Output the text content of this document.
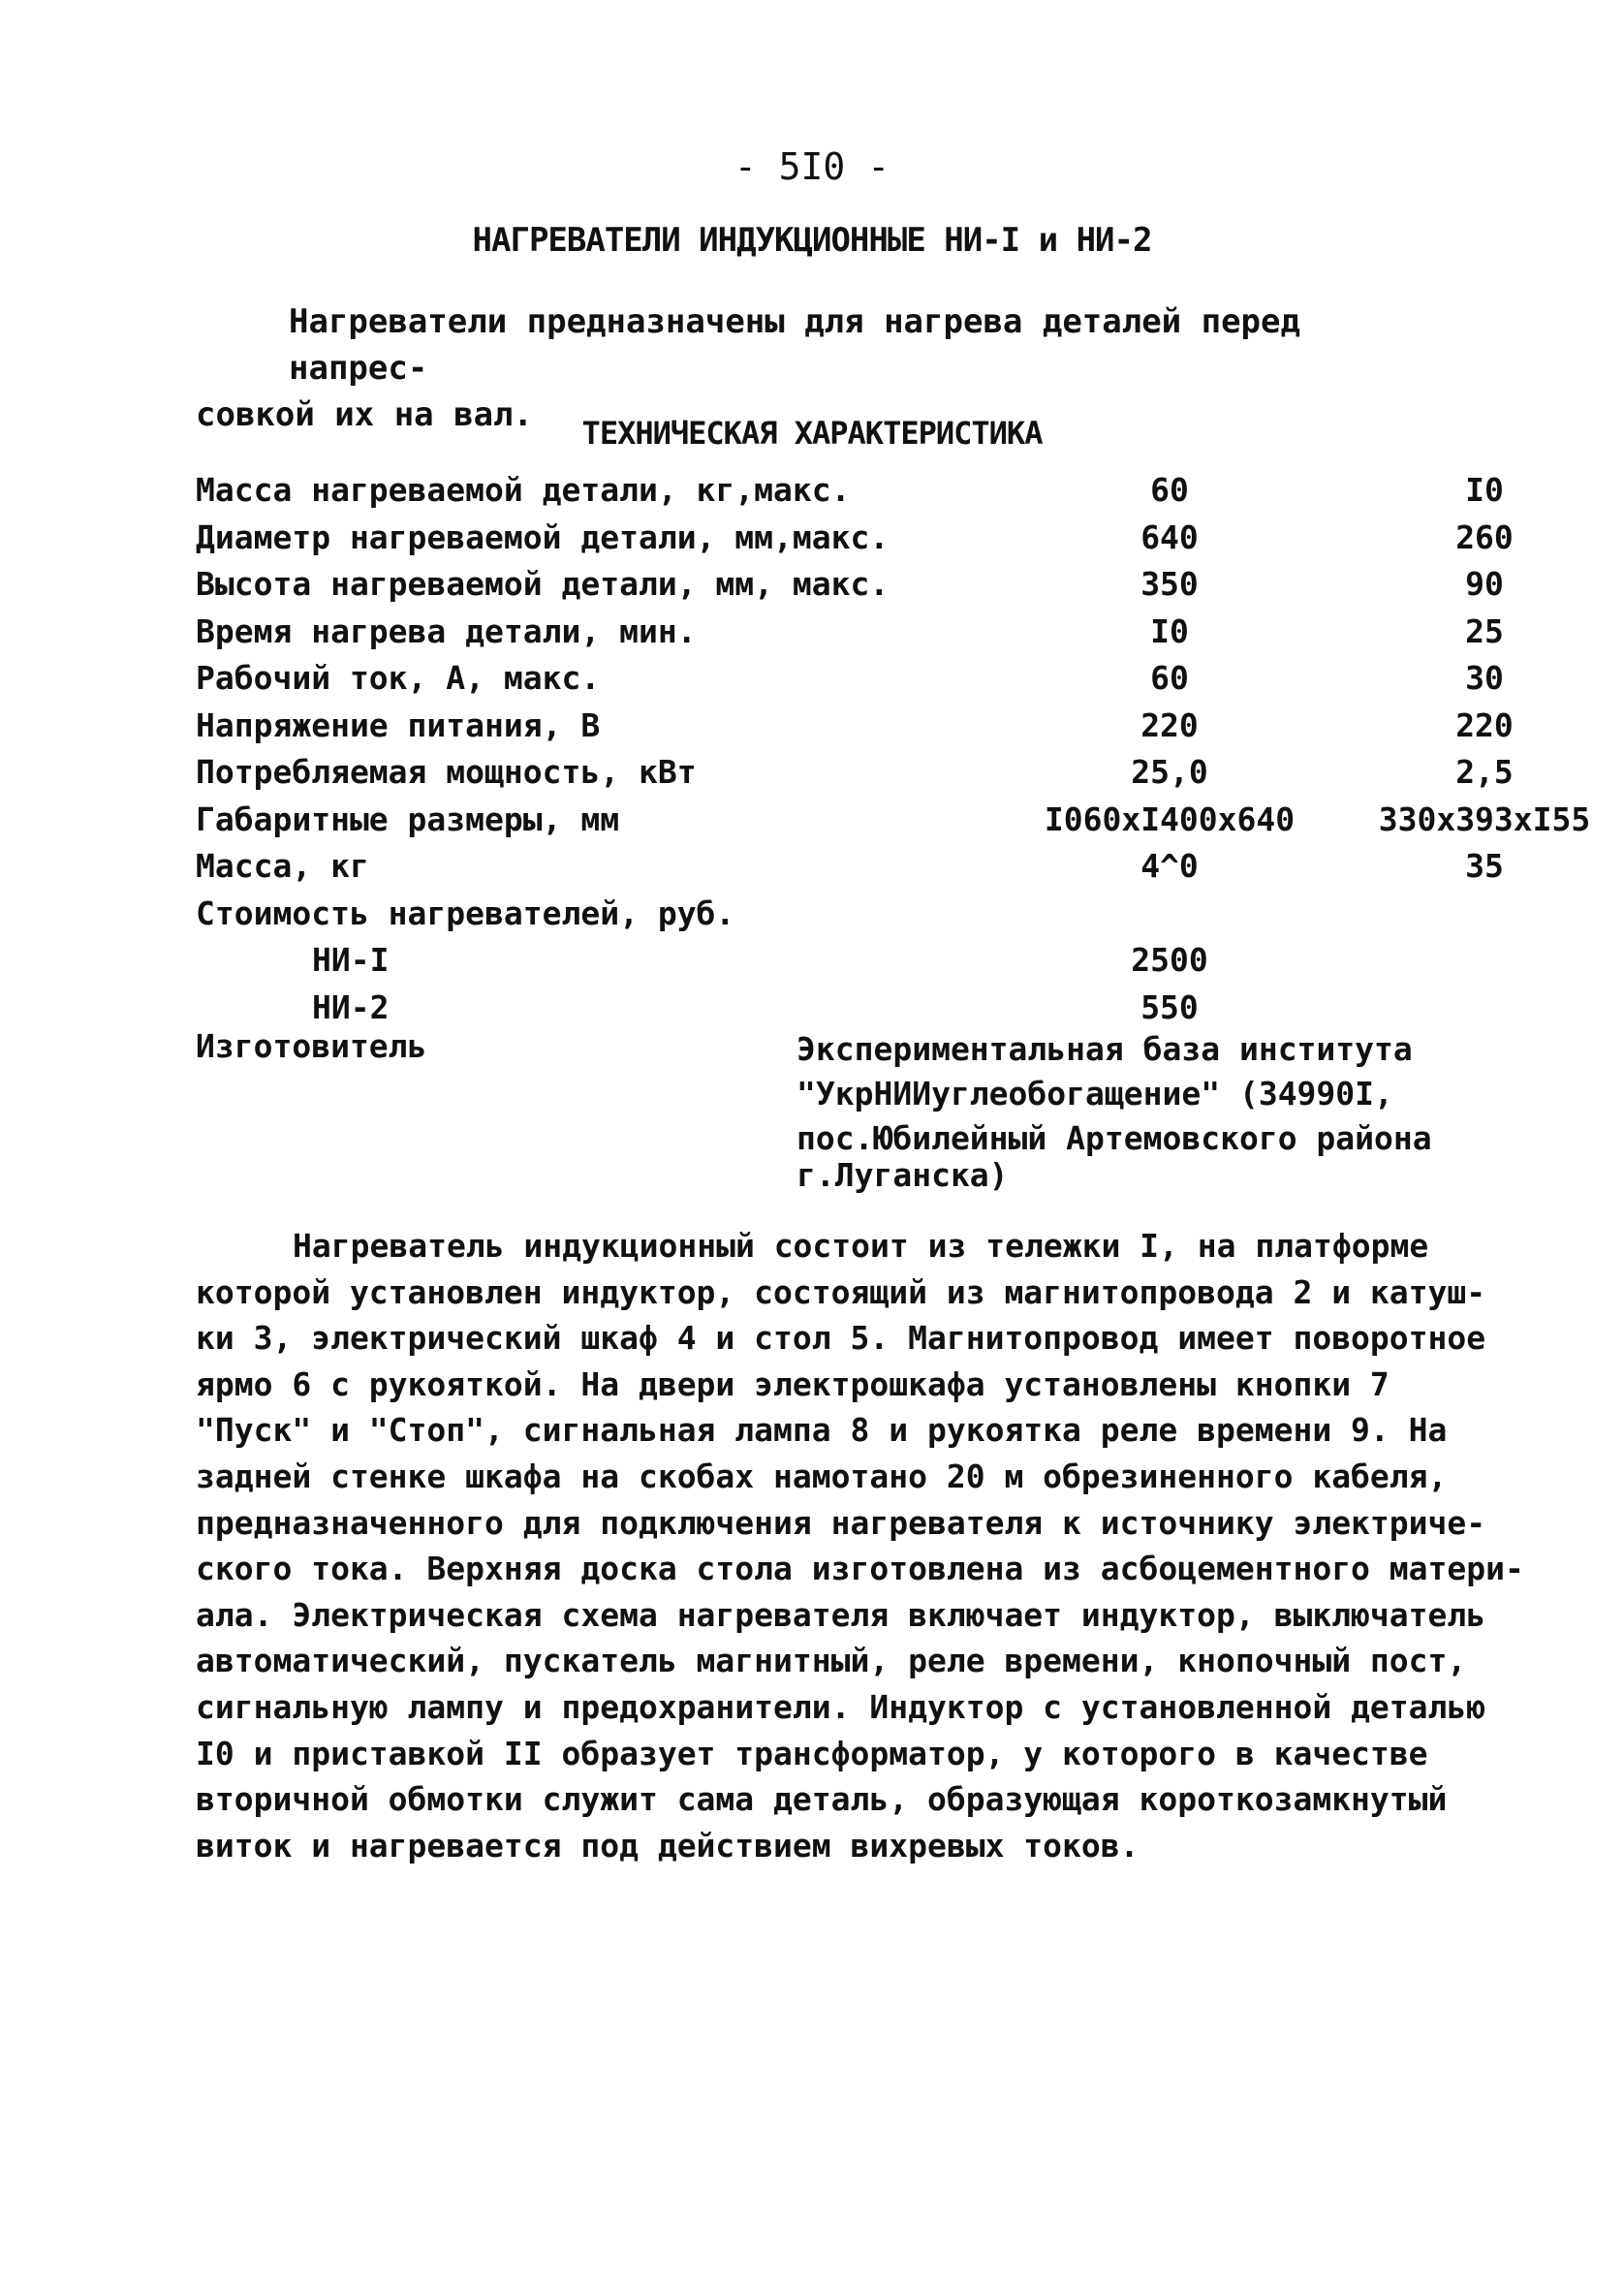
- 5I0 -
НАГРЕВАТЕЛИ ИНДУКЦИОННЫЕ НИ-I и НИ-2
Нагреватели предназначены для нагрева деталей перед напрес-
совкой их на вал.	ТЕХНИЧЕСКАЯ ХАРАКТЕРИСТИКА
Масса нагреваемой детали, кг,макс.	60	I0
Диаметр нагреваемой детали, мм,макс.	640	260
Высота нагреваемой детали, мм, макс.	350	90
Время нагрева детали, мин.	I0	25
Рабочий ток, А, макс.	60	30
Напряжение питания, В	220	220
Потребляемая мощность, кВт	25,0	2,5
Габаритные размеры, мм	I060xI400x640	330x393xI55
Масса, кг	4^0	35
Стоимость нагревателей, руб.
НИ-I	2500
НИ-2	550
Изготовитель	Экспериментальная база института
"УкрНИИуглеобогащение" (34990I,
пос.Юбилейный Артемовского района
г.Луганска)
Нагреватель индукционный состоит из тележки I, на платформе
которой установлен индуктор, состоящий из магнитопровода 2 и катуш-
ки 3, электрический шкаф 4 и стол 5. Магнитопровод имеет поворотное
ярмо 6 с рукояткой. На двери электрошкафа установлены кнопки 7
"Пуск" и "Стоп", сигнальная лампа 8 и рукоятка реле времени 9. На
задней стенке шкафа на скобах намотано 20 м обрезиненного кабеля,
предназначенного для подключения нагревателя к источнику электриче-
ского тока. Верхняя доска стола изготовлена из асбоцементного матери-
ала. Электрическая схема нагревателя включает индуктор, выключатель
автоматический, пускатель магнитный, реле времени, кнопочный пост,
сигнальную лампу и предохранители. Индуктор с установленной деталью
I0 и приставкой II образует трансформатор, у которого в качестве
вторичной обмотки служит сама деталь, образующая короткозамкнутый
виток и нагревается под действием вихревых токов.
